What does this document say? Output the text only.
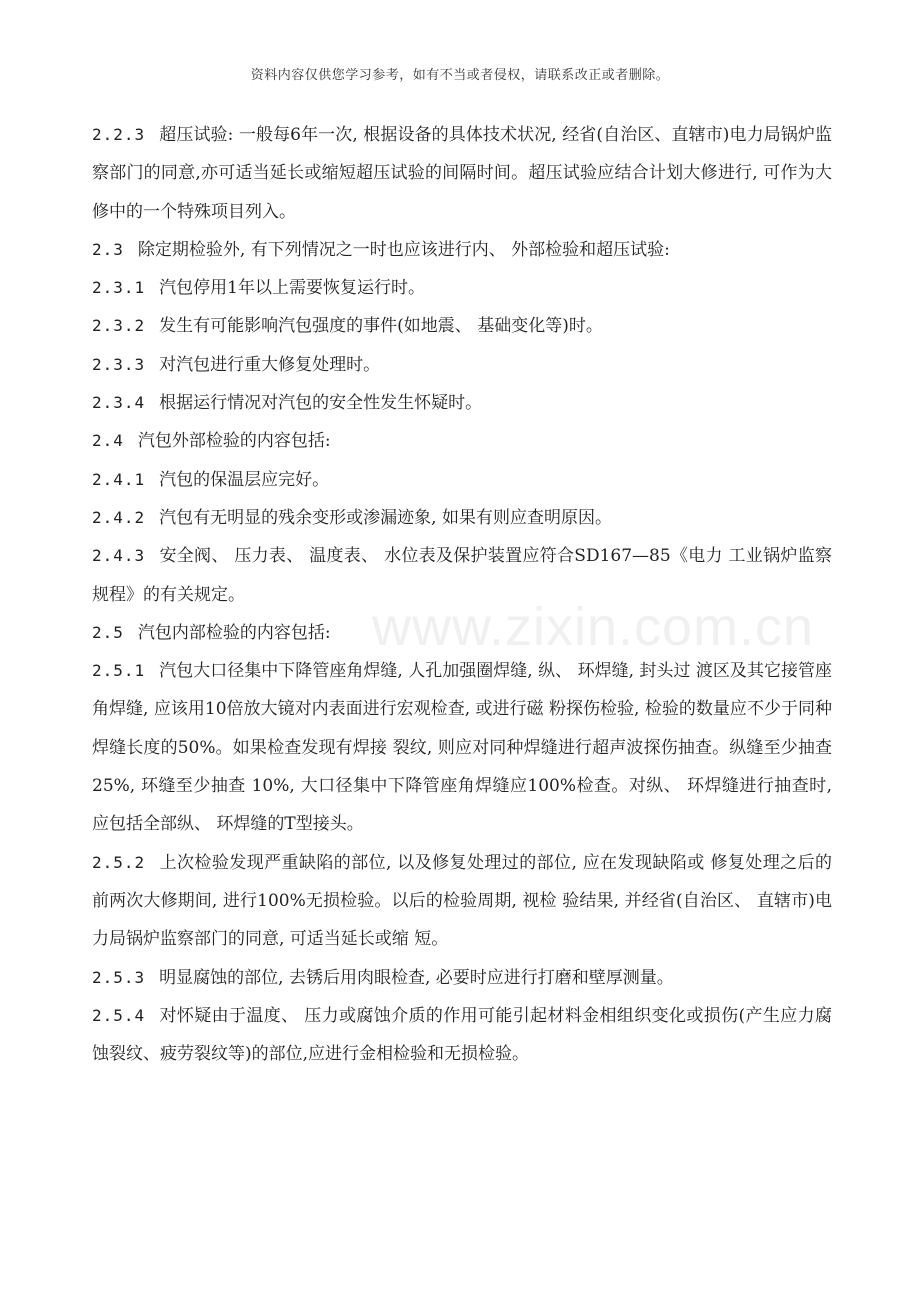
资料内容仅供您学习参考，如有不当或者侵权，请联系改正或者删除。
www.zixin.com.cn

2.2.3 超压试验: 一般每6年一次, 根据设备的具体技术状况, 经省(自治区、直辖市)电力局锅炉监察部门的同意,亦可适当延长或缩短超压试验的间隔时间。超压试验应结合计划大修进行, 可作为大修中的一个特殊项目列入。

2.3 除定期检验外, 有下列情况之一时也应该进行内、 外部检验和超压试验:

2.3.1 汽包停用1年以上需要恢复运行时。

2.3.2 发生有可能影响汽包强度的事件(如地震、 基础变化等)时。

2.3.3 对汽包进行重大修复处理时。

2.3.4 根据运行情况对汽包的安全性发生怀疑时。

2.4 汽包外部检验的内容包括:

2.4.1 汽包的保温层应完好。

2.4.2 汽包有无明显的残余变形或渗漏迹象, 如果有则应查明原因。

2.4.3 安全阀、 压力表、 温度表、 水位表及保护装置应符合SD167—85《电力 工业锅炉监察规程》的有关规定。

2.5 汽包内部检验的内容包括:

2.5.1 汽包大口径集中下降管座角焊缝, 人孔加强圈焊缝, 纵、 环焊缝, 封头过 渡区及其它接管座角焊缝, 应该用10倍放大镜对内表面进行宏观检查, 或进行磁 粉探伤检验, 检验的数量应不少于同种焊缝长度的50%。如果检查发现有焊接 裂纹, 则应对同种焊缝进行超声波探伤抽查。纵缝至少抽查25%, 环缝至少抽查 10%, 大口径集中下降管座角焊缝应100%检查。对纵、 环焊缝进行抽查时, 应包括全部纵、 环焊缝的T型接头。

2.5.2 上次检验发现严重缺陷的部位, 以及修复处理过的部位, 应在发现缺陷或 修复处理之后的前两次大修期间, 进行100%无损检验。以后的检验周期, 视检 验结果, 并经省(自治区、 直辖市)电力局锅炉监察部门的同意, 可适当延长或缩 短。

2.5.3 明显腐蚀的部位, 去锈后用肉眼检查, 必要时应进行打磨和壁厚测量。

2.5.4 对怀疑由于温度、 压力或腐蚀介质的作用可能引起材料金相组织变化或损伤(产生应力腐蚀裂纹、疲劳裂纹等)的部位,应进行金相检验和无损检验。
